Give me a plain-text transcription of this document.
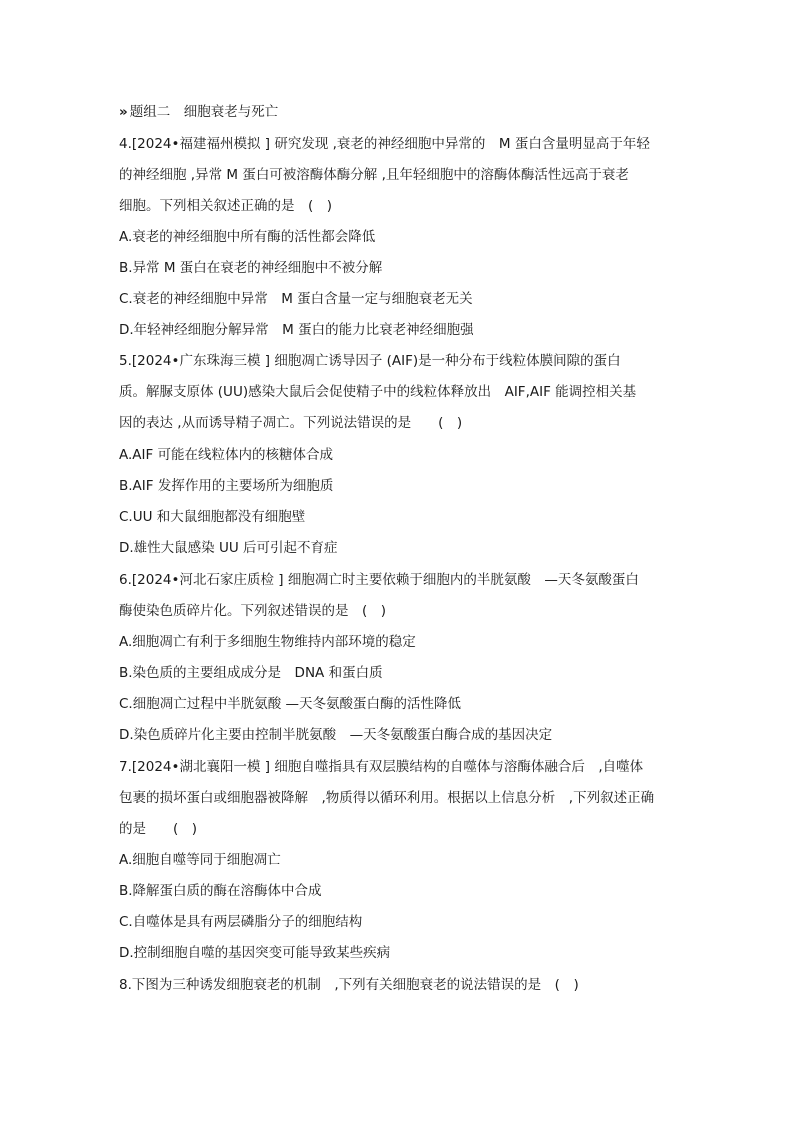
» 题组二　细胞衰老与死亡
4.[2024•福建福州模拟 ] 研究发现 ,衰老的神经细胞中异常的　M 蛋白含量明显高于年轻
的神经细胞 ,异常 M 蛋白可被溶酶体酶分解 ,且年轻细胞中的溶酶体酶活性远高于衰老
细胞。下列相关叙述正确的是　(　)
A.衰老的神经细胞中所有酶的活性都会降低
B.异常 M 蛋白在衰老的神经细胞中不被分解
C.衰老的神经细胞中异常　M 蛋白含量一定与细胞衰老无关
D.年轻神经细胞分解异常　M 蛋白的能力比衰老神经细胞强
5.[2024•广东珠海三模 ] 细胞凋亡诱导因子 (AIF)是一种分布于线粒体膜间隙的蛋白
质。解脲支原体 (UU)感染大鼠后会促使精子中的线粒体释放出　AIF,AIF 能调控相关基
因的表达 ,从而诱导精子凋亡。下列说法错误的是　　(　)
A.AIF 可能在线粒体内的核糖体合成
B.AIF 发挥作用的主要场所为细胞质
C.UU 和大鼠细胞都没有细胞壁
D.雄性大鼠感染 UU 后可引起不育症
6.[2024•河北石家庄质检 ] 细胞凋亡时主要依赖于细胞内的半胱氨酸　—天冬氨酸蛋白
酶使染色质碎片化。下列叙述错误的是　(　)
A.细胞凋亡有利于多细胞生物维持内部环境的稳定
B.染色质的主要组成成分是　DNA 和蛋白质
C.细胞凋亡过程中半胱氨酸 —天冬氨酸蛋白酶的活性降低
D.染色质碎片化主要由控制半胱氨酸　—天冬氨酸蛋白酶合成的基因决定
7.[2024•湖北襄阳一模 ] 细胞自噬指具有双层膜结构的自噬体与溶酶体融合后　,自噬体
包裹的损坏蛋白或细胞器被降解　,物质得以循环利用。根据以上信息分析　,下列叙述正确
的是　　(　)
A.细胞自噬等同于细胞凋亡
B.降解蛋白质的酶在溶酶体中合成
C.自噬体是具有两层磷脂分子的细胞结构
D.控制细胞自噬的基因突变可能导致某些疾病
8.下图为三种诱发细胞衰老的机制　,下列有关细胞衰老的说法错误的是　(　)
